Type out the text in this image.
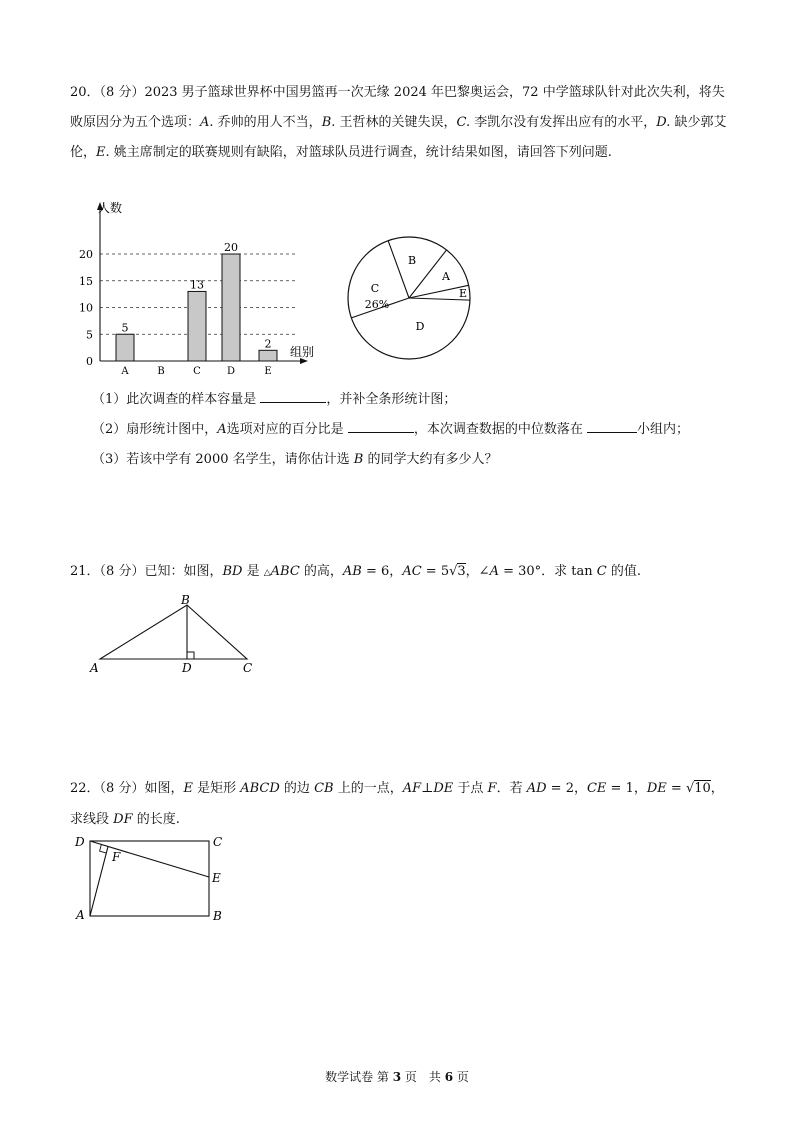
20．（8 分）2023 男子篮球世界杯中国男篮再一次无缘 2024 年巴黎奥运会，72 中学篮球队针对此次失利，将失败原因分为五个选项：A. 乔帅的用人不当，B. 王哲林的关键失误，C. 李凯尔没有发挥出应有的水平，D. 缺少郭艾伦，E. 姚主席制定的联赛规则有缺陷，对篮球队员进行调查，统计结果如图，请回答下列问题.
0
5
10
15
20
人数
组别
5
A	B
13
C
20
D
2
E
A
B
C
D
E
26%
（1）此次调查的样本容量是	，并补全条形统计图；
（2）扇形统计图中，A选项对应的百分比是	，本次调查数据的中位数落在	小组内；
（3）若该中学有 2000 名学生，请你估计选 B 的同学大约有多少人？
21．（8 分）已知：如图，BD 是 △ABC 的高，AB = 6，AC = 5√3，∠A = 30°．求 tan C 的值.
B
A	D	C
22．（8 分）如图，E 是矩形 ABCD 的边 CB 上的一点，AF⊥DE 于点 F．若 AD = 2，CE = 1，DE = √10，
求线段 DF 的长度.
D	C
F
E
A	B
数学试卷 第 3 页　共 6 页
